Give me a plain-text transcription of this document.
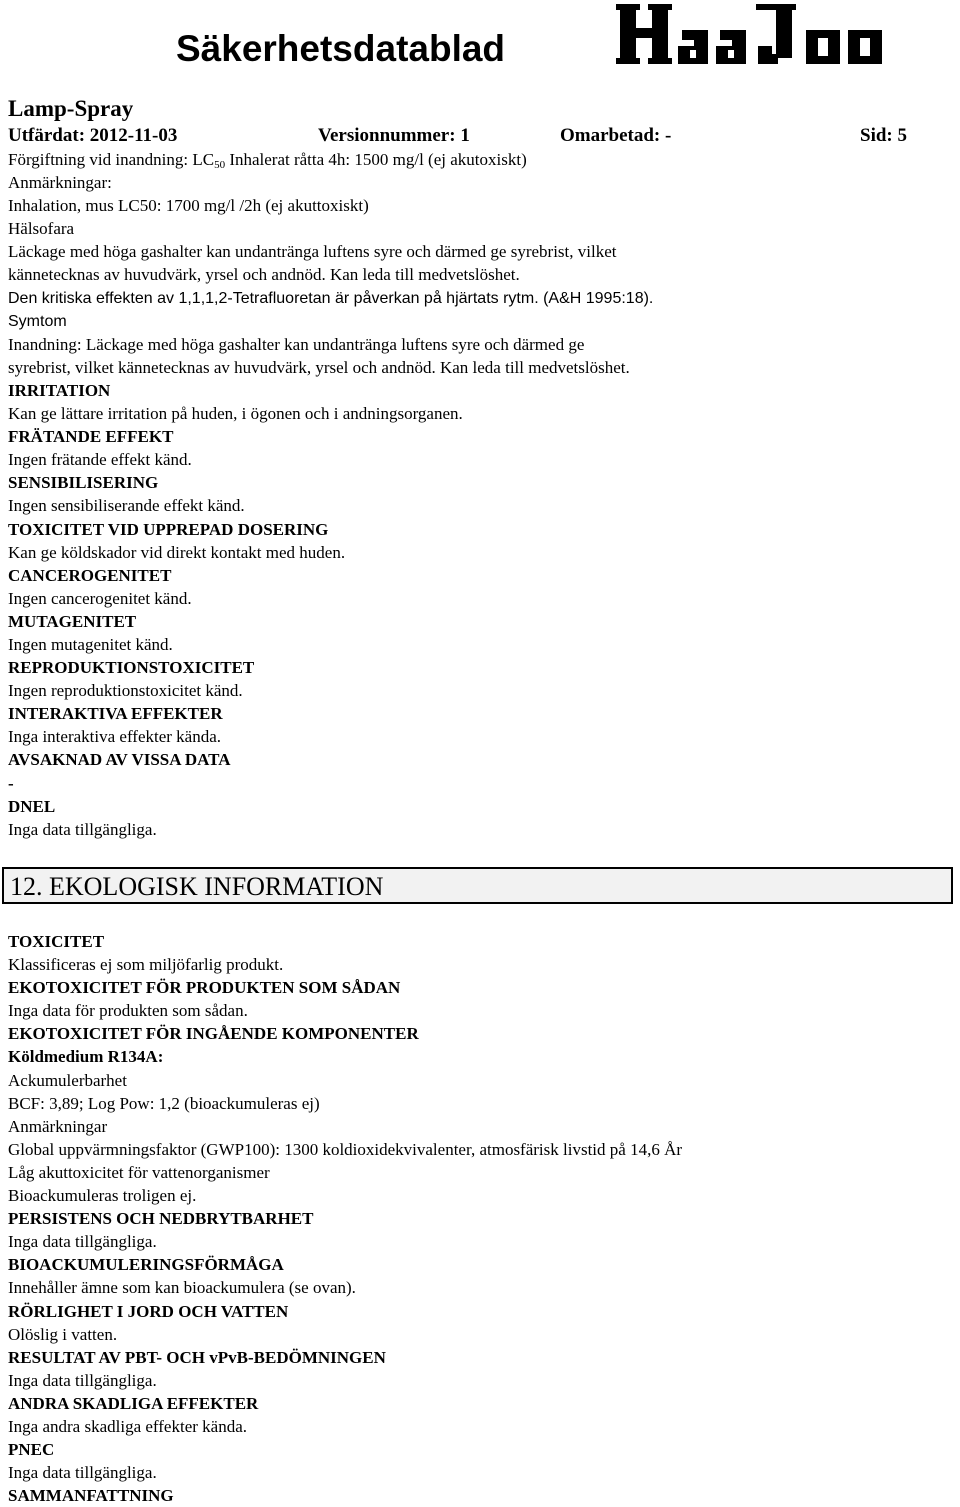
Säkerhetsdatablad
Lamp-Spray
Utfärdat: 2012-11-03	Versionnummer: 1	Omarbetad: -	Sid: 5
Förgiftning vid inandning: $LC_{50}$ Inhalerat råtta 4h: 1500 mg/l (ej akutoxiskt)
Anmärkningar:
Inhalation, mus LC50: 1700 mg/l /2h (ej akuttoxiskt)
Hälsofara
Läckage med höga gashalter kan undantränga luftens syre och därmed ge syrebrist, vilket
kännetecknas av huvudvärk, yrsel och andnöd. Kan leda till medvetslöshet.
Den kritiska effekten av 1,1,1,2-Tetrafluoretan är påverkan på hjärtats rytm. (A&H 1995:18).
Symtom
Inandning: Läckage med höga gashalter kan undantränga luftens syre och därmed ge
syrebrist, vilket kännetecknas av huvudvärk, yrsel och andnöd. Kan leda till medvetslöshet.
IRRITATION
Kan ge lättare irritation på huden, i ögonen och i andningsorganen.
FRÄTANDE EFFEKT
Ingen frätande effekt känd.
SENSIBILISERING
Ingen sensibiliserande effekt känd.
TOXICITET VID UPPREPAD DOSERING
Kan ge köldskador vid direkt kontakt med huden.
CANCEROGENITET
Ingen cancerogenitet känd.
MUTAGENITET
Ingen mutagenitet känd.
REPRODUKTIONSTOXICITET
Ingen reproduktionstoxicitet känd.
INTERAKTIVA EFFEKTER
Inga interaktiva effekter kända.
AVSAKNAD AV VISSA DATA
-
DNEL
Inga data tillgängliga.
12. EKOLOGISK INFORMATION
TOXICITET
Klassificeras ej som miljöfarlig produkt.
EKOTOXICITET FÖR PRODUKTEN SOM SÅDAN
Inga data för produkten som sådan.
EKOTOXICITET FÖR INGÅENDE KOMPONENTER
Köldmedium R134A:
Ackumulerbarhet
BCF: 3,89; Log Pow: 1,2 (bioackumuleras ej)
Anmärkningar
Global uppvärmningsfaktor (GWP100): 1300 koldioxidekvivalenter, atmosfärisk livstid på 14,6 År
Låg akuttoxicitet för vattenorganismer
Bioackumuleras troligen ej.
PERSISTENS OCH NEDBRYTBARHET
Inga data tillgängliga.
BIOACKUMULERINGSFÖRMÅGA
Innehåller ämne som kan bioackumulera (se ovan).
RÖRLIGHET I JORD OCH VATTEN
Olöslig i vatten.
RESULTAT AV PBT- OCH vPvB-BEDÖMNINGEN
Inga data tillgängliga.
ANDRA SKADLIGA EFFEKTER
Inga andra skadliga effekter kända.
PNEC
Inga data tillgängliga.
SAMMANFATTNING
